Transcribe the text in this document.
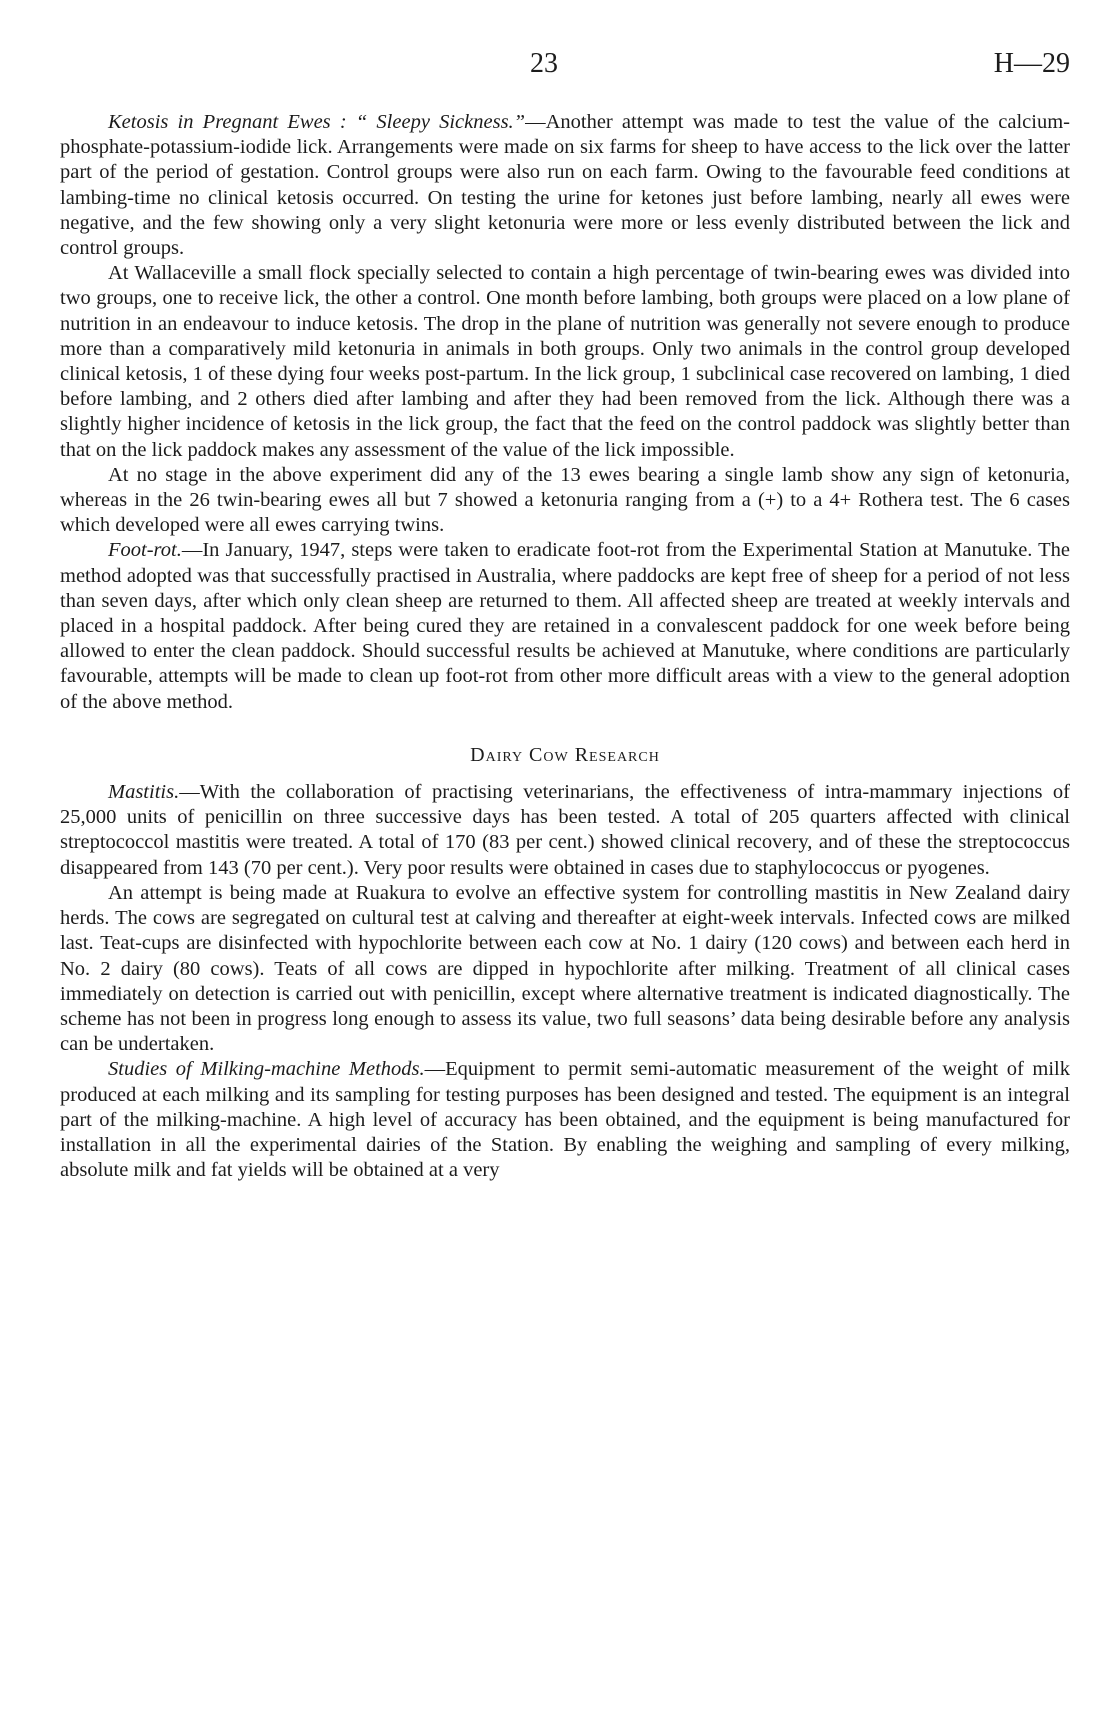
23	H—29

Ketosis in Pregnant Ewes : “ Sleepy Sickness.”—Another attempt was made to test the value of the calcium-phosphate-potassium-iodide lick. Arrangements were made on six farms for sheep to have access to the lick over the latter part of the period of gestation. Control groups were also run on each farm. Owing to the favourable feed conditions at lambing-time no clinical ketosis occurred. On testing the urine for ketones just before lambing, nearly all ewes were negative, and the few showing only a very slight ketonuria were more or less evenly distributed between the lick and control groups.

At Wallaceville a small flock specially selected to contain a high percentage of twin-bearing ewes was divided into two groups, one to receive lick, the other a control. One month before lambing, both groups were placed on a low plane of nutrition in an endeavour to induce ketosis. The drop in the plane of nutrition was generally not severe enough to produce more than a comparatively mild ketonuria in animals in both groups. Only two animals in the control group developed clinical ketosis, 1 of these dying four weeks post-partum. In the lick group, 1 subclinical case recovered on lambing, 1 died before lambing, and 2 others died after lambing and after they had been removed from the lick. Although there was a slightly higher incidence of ketosis in the lick group, the fact that the feed on the control paddock was slightly better than that on the lick paddock makes any assessment of the value of the lick impossible.

At no stage in the above experiment did any of the 13 ewes bearing a single lamb show any sign of ketonuria, whereas in the 26 twin-bearing ewes all but 7 showed a ketonuria ranging from a (+) to a 4+ Rothera test. The 6 cases which developed were all ewes carrying twins.

Foot-rot.—In January, 1947, steps were taken to eradicate foot-rot from the Experimental Station at Manutuke. The method adopted was that successfully practised in Australia, where paddocks are kept free of sheep for a period of not less than seven days, after which only clean sheep are returned to them. All affected sheep are treated at weekly intervals and placed in a hospital paddock. After being cured they are retained in a convalescent paddock for one week before being allowed to enter the clean paddock. Should successful results be achieved at Manutuke, where conditions are particularly favourable, attempts will be made to clean up foot-rot from other more difficult areas with a view to the general adoption of the above method.

Dairy Cow Research

Mastitis.—With the collaboration of practising veterinarians, the effectiveness of intra-mammary injections of 25,000 units of penicillin on three successive days has been tested. A total of 205 quarters affected with clinical streptococcol mastitis were treated. A total of 170 (83 per cent.) showed clinical recovery, and of these the streptococcus disappeared from 143 (70 per cent.). Very poor results were obtained in cases due to staphylococcus or pyogenes.

An attempt is being made at Ruakura to evolve an effective system for controlling mastitis in New Zealand dairy herds. The cows are segregated on cultural test at calving and thereafter at eight-week intervals. Infected cows are milked last. Teat-cups are disinfected with hypochlorite between each cow at No. 1 dairy (120 cows) and between each herd in No. 2 dairy (80 cows). Teats of all cows are dipped in hypochlorite after milking. Treatment of all clinical cases immediately on detection is carried out with penicillin, except where alternative treatment is indicated diagnostically. The scheme has not been in progress long enough to assess its value, two full seasons’ data being desirable before any analysis can be undertaken.

Studies of Milking-machine Methods.—Equipment to permit semi-automatic measurement of the weight of milk produced at each milking and its sampling for testing purposes has been designed and tested. The equipment is an integral part of the milking-machine. A high level of accuracy has been obtained, and the equipment is being manufactured for installation in all the experimental dairies of the Station. By enabling the weighing and sampling of every milking, absolute milk and fat yields will be obtained at a very
